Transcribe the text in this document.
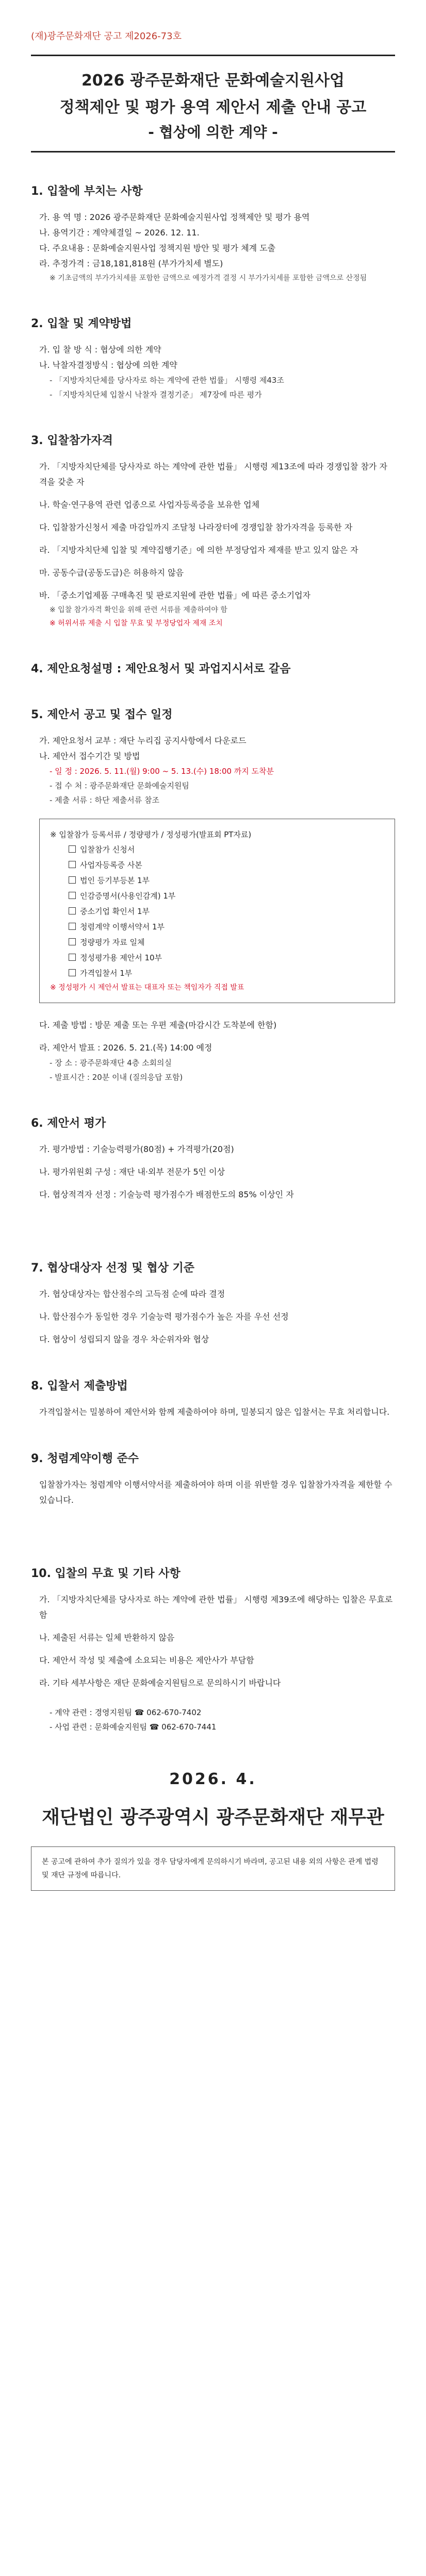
(재)광주문화재단 공고 제2026-73호
2026 광주문화재단 문화예술지원사업
정책제안 및 평가 용역 제안서 제출 안내 공고
- 협상에 의한 계약 -
1. 입찰에 부치는 사항
가. 용 역 명 : 2026 광주문화재단 문화예술지원사업 정책제안 및 평가 용역
나. 용역기간 : 계약체결일 ~ 2026. 12. 11.
다. 주요내용 : 문화예술지원사업 정책지원 방안 및 평가 체계 도출
라. 추정가격 : 금18,181,818원 (부가가치세 별도)
※ 기초금액의 부가가치세를 포함한 금액으로 예정가격 결정 시 부가가치세를 포함한 금액으로 산정됨
2. 입찰 및 계약방법
가. 입 찰 방 식 : 협상에 의한 계약
나. 낙찰자결정방식 : 협상에 의한 계약
- 「지방자치단체를 당사자로 하는 계약에 관한 법률」 시행령 제43조
- 「지방자치단체 입찰시 낙찰자 결정기준」 제7장에 따른 평가
3. 입찰참가자격
가. 「지방자치단체를 당사자로 하는 계약에 관한 법률」 시행령 제13조에 따라 경쟁입찰 참가 자격을 갖춘 자
나. 학술·연구용역 관련 업종으로 사업자등록증을 보유한 업체
다. 입찰참가신청서 제출 마감일까지 조달청 나라장터에 경쟁입찰 참가자격을 등록한 자
라. 「지방자치단체 입찰 및 계약집행기준」에 의한 부정당업자 제재를 받고 있지 않은 자
마. 공동수급(공동도급)은 허용하지 않음
바. 「중소기업제품 구매촉진 및 판로지원에 관한 법률」에 따른 중소기업자
※ 입찰 참가자격 확인을 위해 관련 서류를 제출하여야 함
※ 허위서류 제출 시 입찰 무효 및 부정당업자 제재 조치
4. 제안요청설명 : 제안요청서 및 과업지시서로 갈음
5. 제안서 공고 및 접수 일정
가. 제안요청서 교부 : 재단 누리집 공지사항에서 다운로드
나. 제안서 접수기간 및 방법
- 일 정 : 2026. 5. 11.(월) 9:00 ~ 5. 13.(수) 18:00 까지 도착분
- 접 수 처 : 광주문화재단 문화예술지원팀
- 제출 서류 : 하단 제출서류 참조
※ 입찰참가 등록서류 / 정량평가 / 정성평가(발표회 PT자료)
입찰참가 신청서
사업자등록증 사본
법인 등기부등본 1부
인감증명서(사용인감계) 1부
중소기업 확인서 1부
청렴계약 이행서약서 1부
정량평가 자료 일체
정성평가용 제안서 10부
가격입찰서 1부
※ 정성평가 시 제안서 발표는 대표자 또는 책임자가 직접 발표
다. 제출 방법 : 방문 제출 또는 우편 제출(마감시간 도착분에 한함)
라. 제안서 발표 : 2026. 5. 21.(목) 14:00 예정
- 장 소 : 광주문화재단 4층 소회의실
- 발표시간 : 20분 이내 (질의응답 포함)
6. 제안서 평가
가. 평가방법 : 기술능력평가(80점) + 가격평가(20점)
나. 평가위원회 구성 : 재단 내·외부 전문가 5인 이상
다. 협상적격자 선정 : 기술능력 평가점수가 배점한도의 85% 이상인 자
7. 협상대상자 선정 및 협상 기준
가. 협상대상자는 합산점수의 고득점 순에 따라 결정
나. 합산점수가 동일한 경우 기술능력 평가점수가 높은 자를 우선 선정
다. 협상이 성립되지 않을 경우 차순위자와 협상
8. 입찰서 제출방법
가격입찰서는 밀봉하여 제안서와 함께 제출하여야 하며, 밀봉되지 않은 입찰서는 무효 처리합니다.
9. 청렴계약이행 준수
입찰참가자는 청렴계약 이행서약서를 제출하여야 하며 이를 위반할 경우 입찰참가자격을 제한할 수 있습니다.
10. 입찰의 무효 및 기타 사항
가. 「지방자치단체를 당사자로 하는 계약에 관한 법률」 시행령 제39조에 해당하는 입찰은 무효로 함
나. 제출된 서류는 일체 반환하지 않음
다. 제안서 작성 및 제출에 소요되는 비용은 제안사가 부담함
라. 기타 세부사항은 재단 문화예술지원팀으로 문의하시기 바랍니다
- 계약 관련 : 경영지원팀 ☎ 062-670-7402
- 사업 관련 : 문화예술지원팀 ☎ 062-670-7441
2026. 4.
재단법인 광주광역시 광주문화재단 재무관
본 공고에 관하여 추가 질의가 있을 경우 담당자에게 문의하시기 바라며, 공고된 내용 외의 사항은 관계 법령 및 재단 규정에 따릅니다.
